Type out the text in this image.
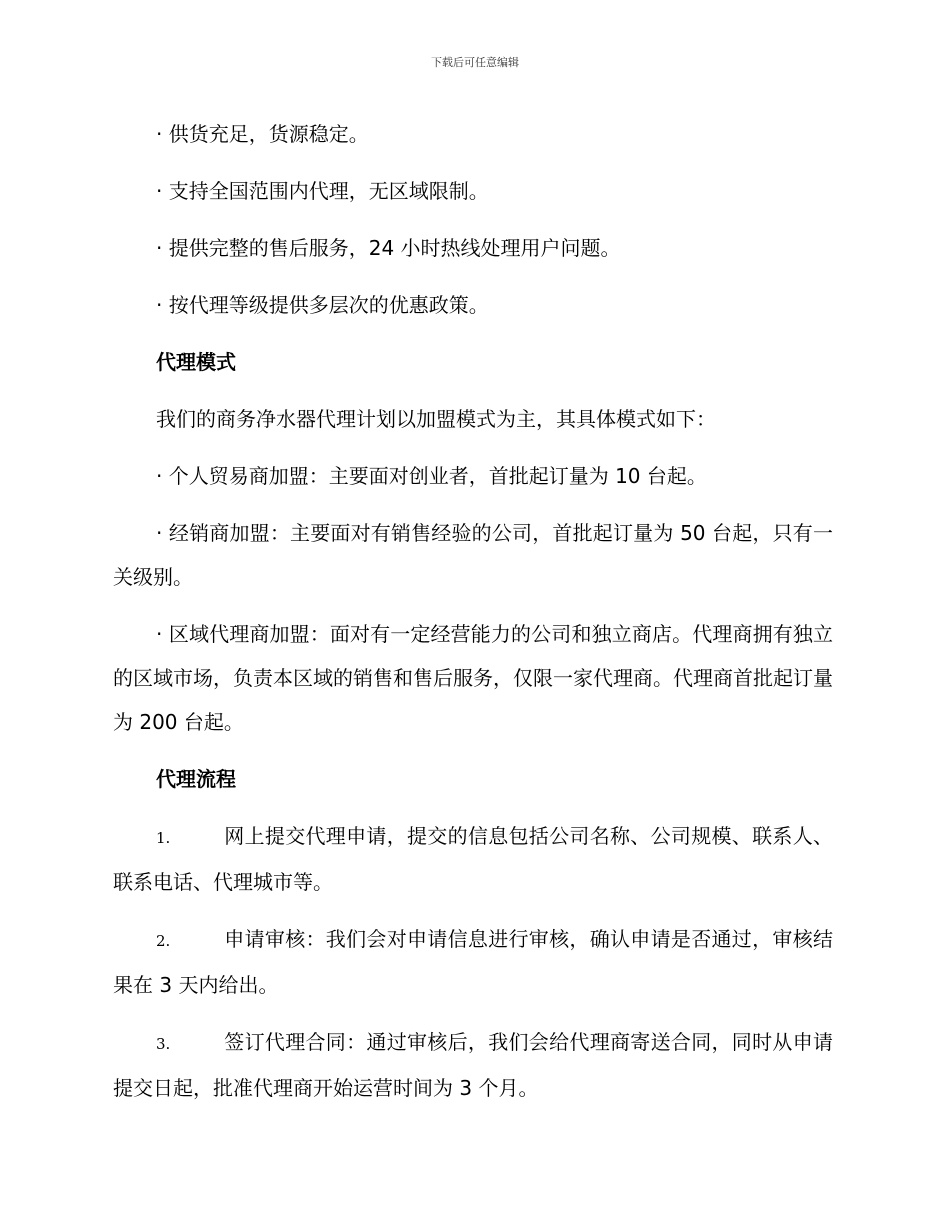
下载后可任意编辑

· 供货充足，货源稳定。

· 支持全国范围内代理，无区域限制。

· 提供完整的售后服务，24 小时热线处理用户问题。

· 按代理等级提供多层次的优惠政策。

代理模式

我们的商务净水器代理计划以加盟模式为主，其具体模式如下：

· 个人贸易商加盟：主要面对创业者，首批起订量为 10 台起。

· 经销商加盟：主要面对有销售经验的公司，首批起订量为 50 台起，只有一关级别。

· 区域代理商加盟：面对有一定经营能力的公司和独立商店。代理商拥有独立的区域市场，负责本区域的销售和售后服务，仅限一家代理商。代理商首批起订量为 200 台起。

代理流程

1.	网上提交代理申请，提交的信息包括公司名称、公司规模、联系人、联系电话、代理城市等。

2.	申请审核：我们会对申请信息进行审核，确认申请是否通过，审核结果在 3 天内给出。

3.	签订代理合同：通过审核后，我们会给代理商寄送合同，同时从申请提交日起，批准代理商开始运营时间为 3 个月。
